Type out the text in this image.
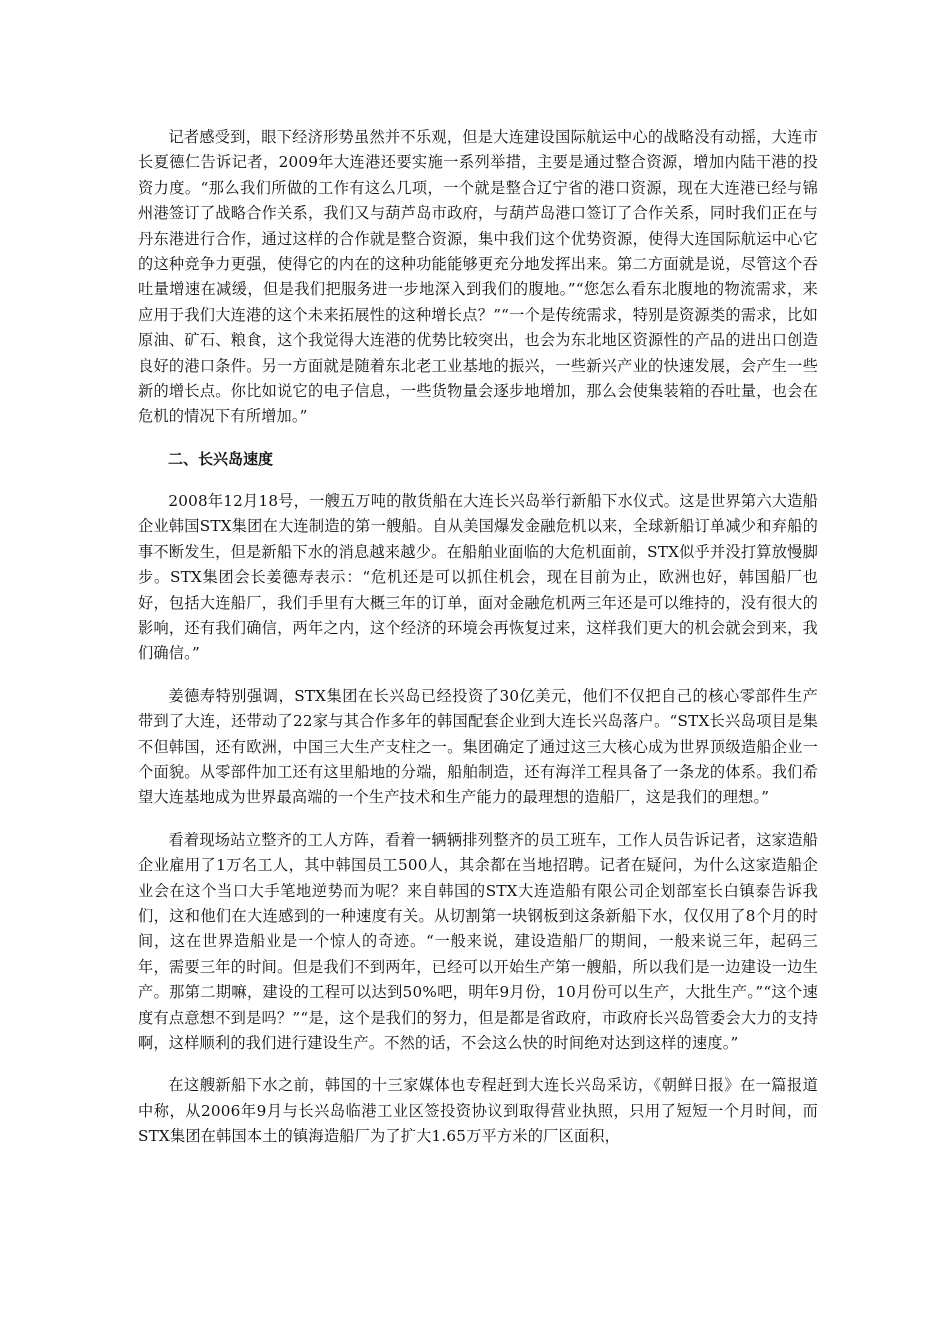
记者感受到，眼下经济形势虽然并不乐观，但是大连建设国际航运中心的战略没有动摇，大连市长夏德仁告诉记者，2009年大连港还要实施一系列举措，主要是通过整合资源，增加内陆干港的投资力度。“那么我们所做的工作有这么几项，一个就是整合辽宁省的港口资源，现在大连港已经与锦州港签订了战略合作关系，我们又与葫芦岛市政府，与葫芦岛港口签订了合作关系，同时我们正在与丹东港进行合作，通过这样的合作就是整合资源，集中我们这个优势资源，使得大连国际航运中心它的这种竞争力更强，使得它的内在的这种功能能够更充分地发挥出来。第二方面就是说，尽管这个吞吐量增速在减缓，但是我们把服务进一步地深入到我们的腹地。”“您怎么看东北腹地的物流需求，来应用于我们大连港的这个未来拓展性的这种增长点？”“一个是传统需求，特别是资源类的需求，比如原油、矿石、粮食，这个我觉得大连港的优势比较突出，也会为东北地区资源性的产品的进出口创造良好的港口条件。另一方面就是随着东北老工业基地的振兴，一些新兴产业的快速发展，会产生一些新的增长点。你比如说它的电子信息，一些货物量会逐步地增加，那么会使集装箱的吞吐量，也会在危机的情况下有所增加。”

二、长兴岛速度

2008年12月18号，一艘五万吨的散货船在大连长兴岛举行新船下水仪式。这是世界第六大造船企业韩国STX集团在大连制造的第一艘船。自从美国爆发金融危机以来，全球新船订单减少和弃船的事不断发生，但是新船下水的消息越来越少。在船舶业面临的大危机面前，STX似乎并没打算放慢脚步。STX集团会长姜德寿表示：“危机还是可以抓住机会，现在目前为止，欧洲也好，韩国船厂也好，包括大连船厂，我们手里有大概三年的订单，面对金融危机两三年还是可以维持的，没有很大的影响，还有我们确信，两年之内，这个经济的环境会再恢复过来，这样我们更大的机会就会到来，我们确信。”

姜德寿特别强调，STX集团在长兴岛已经投资了30亿美元，他们不仅把自己的核心零部件生产带到了大连，还带动了22家与其合作多年的韩国配套企业到大连长兴岛落户。“STX长兴岛项目是集不但韩国，还有欧洲，中国三大生产支柱之一。集团确定了通过这三大核心成为世界顶级造船企业一个面貌。从零部件加工还有这里船地的分端，船舶制造，还有海洋工程具备了一条龙的体系。我们希望大连基地成为世界最高端的一个生产技术和生产能力的最理想的造船厂，这是我们的理想。”

看着现场站立整齐的工人方阵，看着一辆辆排列整齐的员工班车，工作人员告诉记者，这家造船企业雇用了1万名工人，其中韩国员工500人，其余都在当地招聘。记者在疑问，为什么这家造船企业会在这个当口大手笔地逆势而为呢？来自韩国的STX大连造船有限公司企划部室长白镇泰告诉我们，这和他们在大连感到的一种速度有关。从切割第一块钢板到这条新船下水，仅仅用了8个月的时间，这在世界造船业是一个惊人的奇迹。“一般来说，建设造船厂的期间，一般来说三年，起码三年，需要三年的时间。但是我们不到两年，已经可以开始生产第一艘船，所以我们是一边建设一边生产。那第二期嘛，建设的工程可以达到50%吧，明年9月份，10月份可以生产，大批生产。”“这个速度有点意想不到是吗？”“是，这个是我们的努力，但是都是省政府，市政府长兴岛管委会大力的支持啊，这样顺利的我们进行建设生产。不然的话，不会这么快的时间绝对达到这样的速度。”

在这艘新船下水之前，韩国的十三家媒体也专程赶到大连长兴岛采访，《朝鲜日报》在一篇报道中称，从2006年9月与长兴岛临港工业区签投资协议到取得营业执照，只用了短短一个月时间，而STX集团在韩国本土的镇海造船厂为了扩大1.65万平方米的厂区面积，
